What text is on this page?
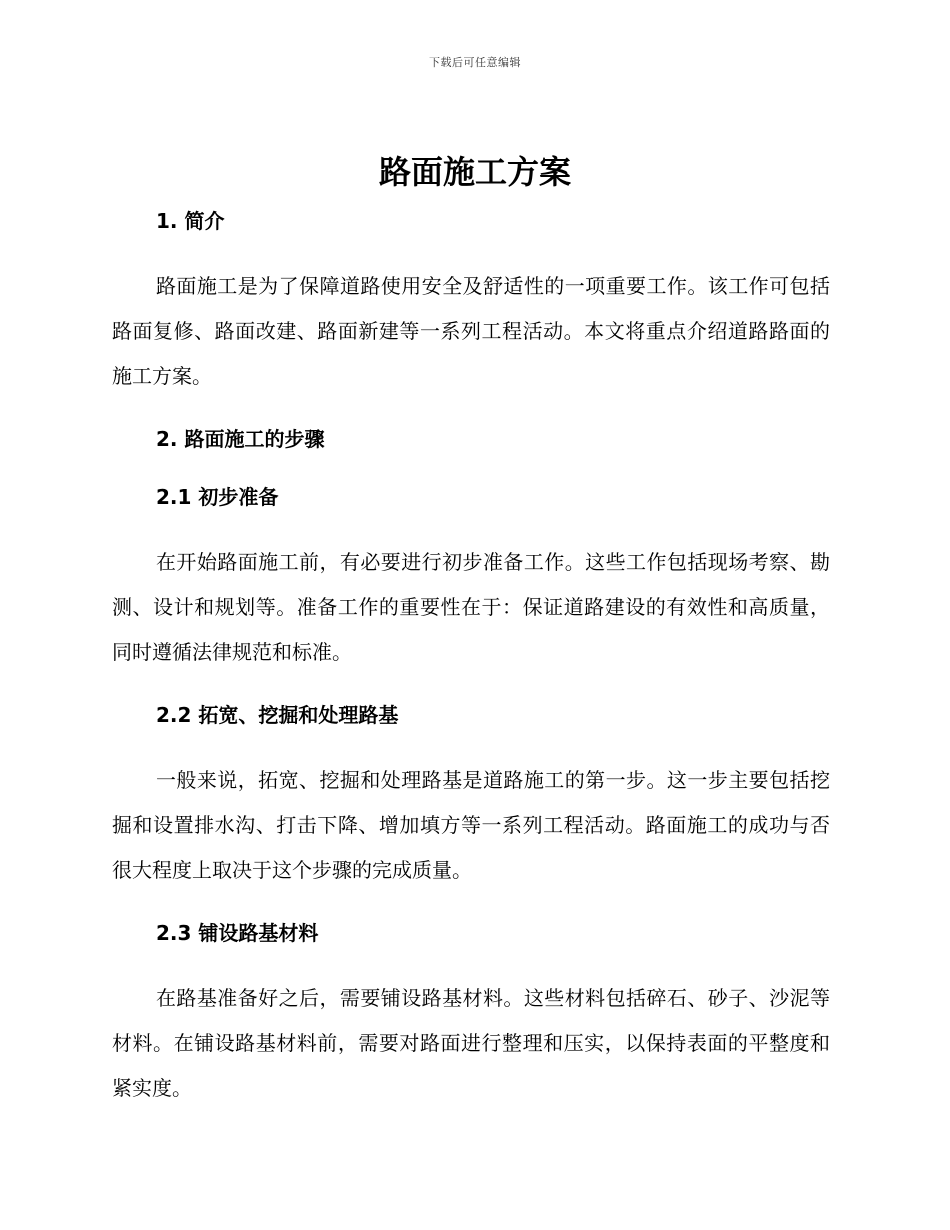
下载后可任意编辑
路面施工方案
1. 简介

路面施工是为了保障道路使用安全及舒适性的一项重要工作。该工作可包括路面复修、路面改建、路面新建等一系列工程活动。本文将重点介绍道路路面的施工方案。

2. 路面施工的步骤
2.1 初步准备

在开始路面施工前，有必要进行初步准备工作。这些工作包括现场考察、勘测、设计和规划等。准备工作的重要性在于：保证道路建设的有效性和高质量，同时遵循法律规范和标准。

2.2 拓宽、挖掘和处理路基

一般来说，拓宽、挖掘和处理路基是道路施工的第一步。这一步主要包括挖掘和设置排水沟、打击下降、增加填方等一系列工程活动。路面施工的成功与否很大程度上取决于这个步骤的完成质量。

2.3 铺设路基材料

在路基准备好之后，需要铺设路基材料。这些材料包括碎石、砂子、沙泥等材料。在铺设路基材料前，需要对路面进行整理和压实，以保持表面的平整度和紧实度。
